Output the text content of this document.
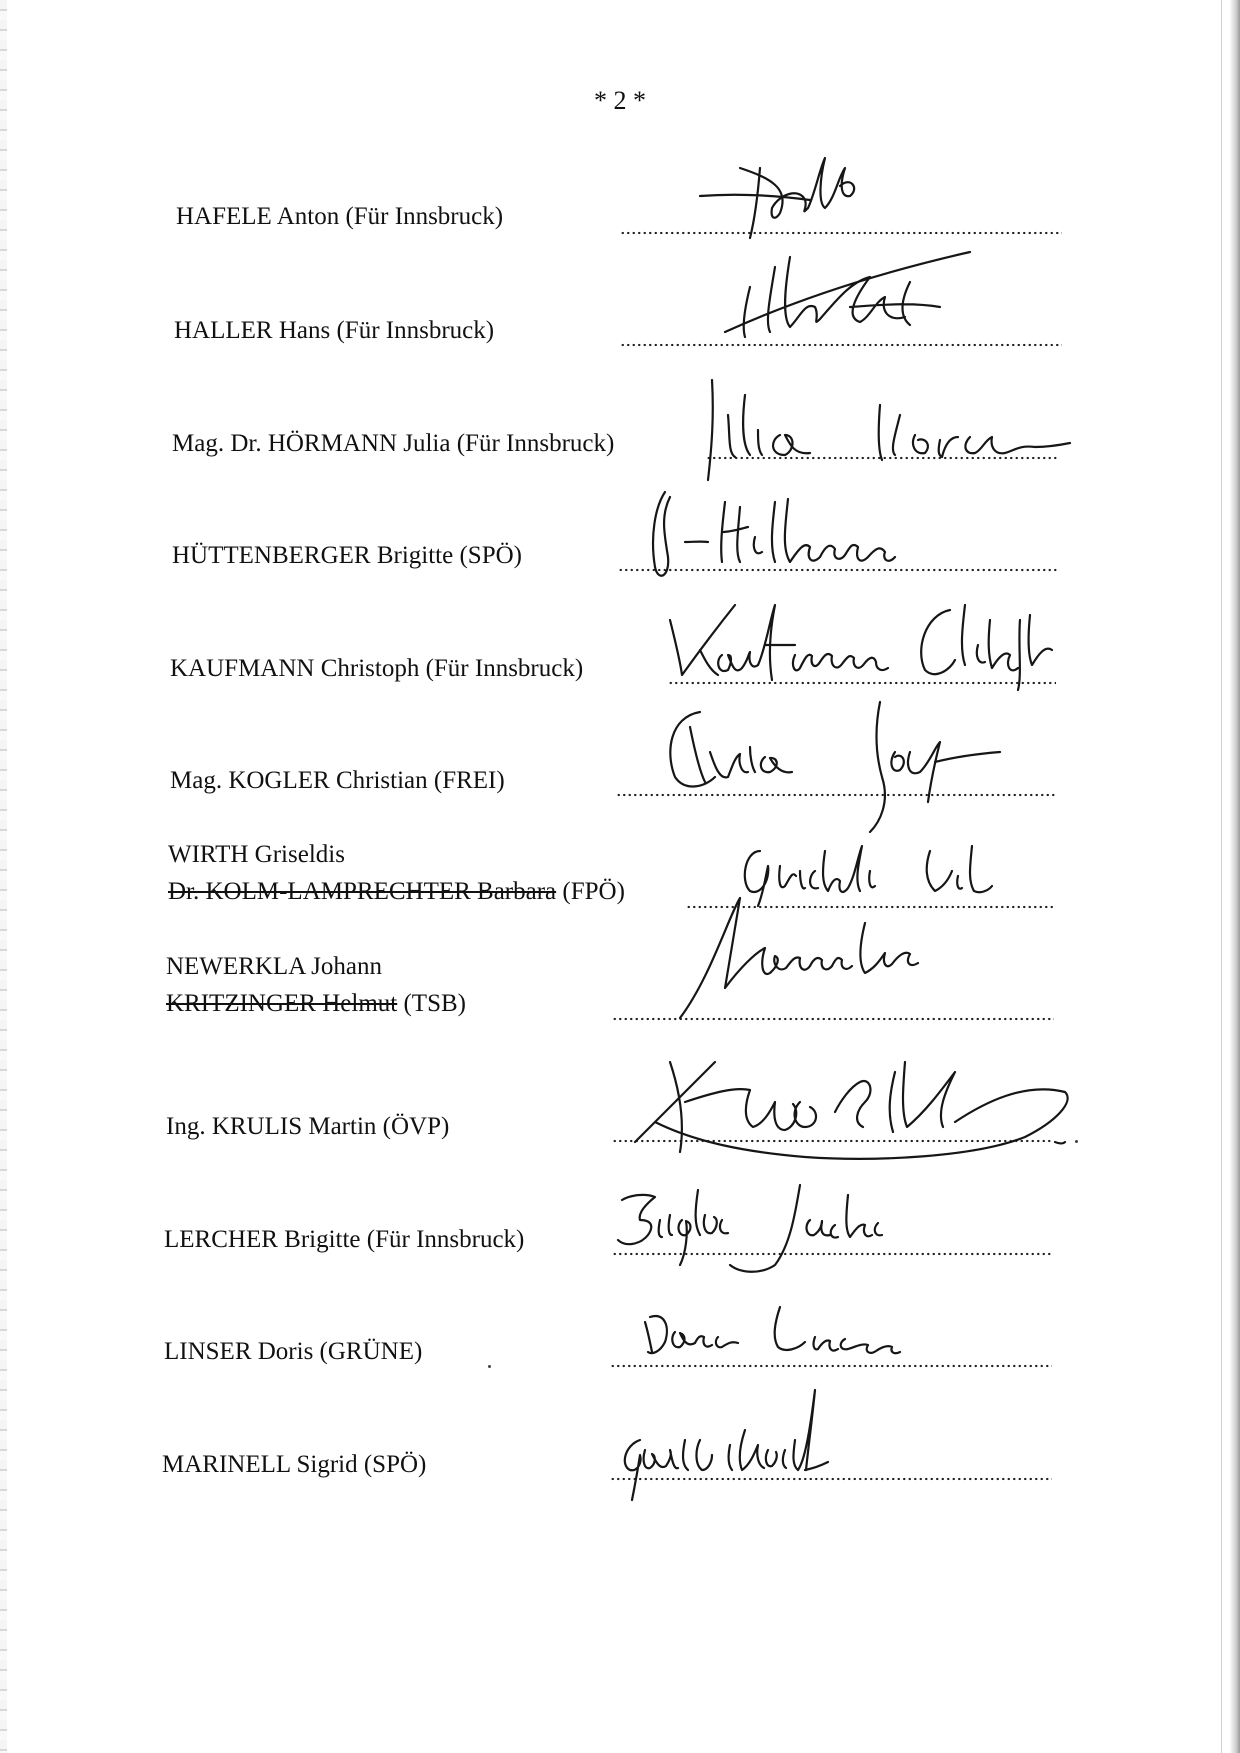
* 2 *
HAFELE Anton (Für Innsbruck)
HALLER Hans (Für Innsbruck)
Mag. Dr. HÖRMANN Julia (Für Innsbruck)
HÜTTENBERGER Brigitte (SPÖ)
KAUFMANN Christoph (Für Innsbruck)
Mag. KOGLER Christian (FREI)
WIRTH Griseldis
Dr. KOLM-LAMPRECHTER Barbara (FPÖ)
NEWERKLA Johann
KRITZINGER Helmut (TSB)
Ing. KRULIS Martin (ÖVP)
LERCHER Brigitte (Für Innsbruck)
LINSER Doris (GRÜNE)
MARINELL Sigrid (SPÖ)
